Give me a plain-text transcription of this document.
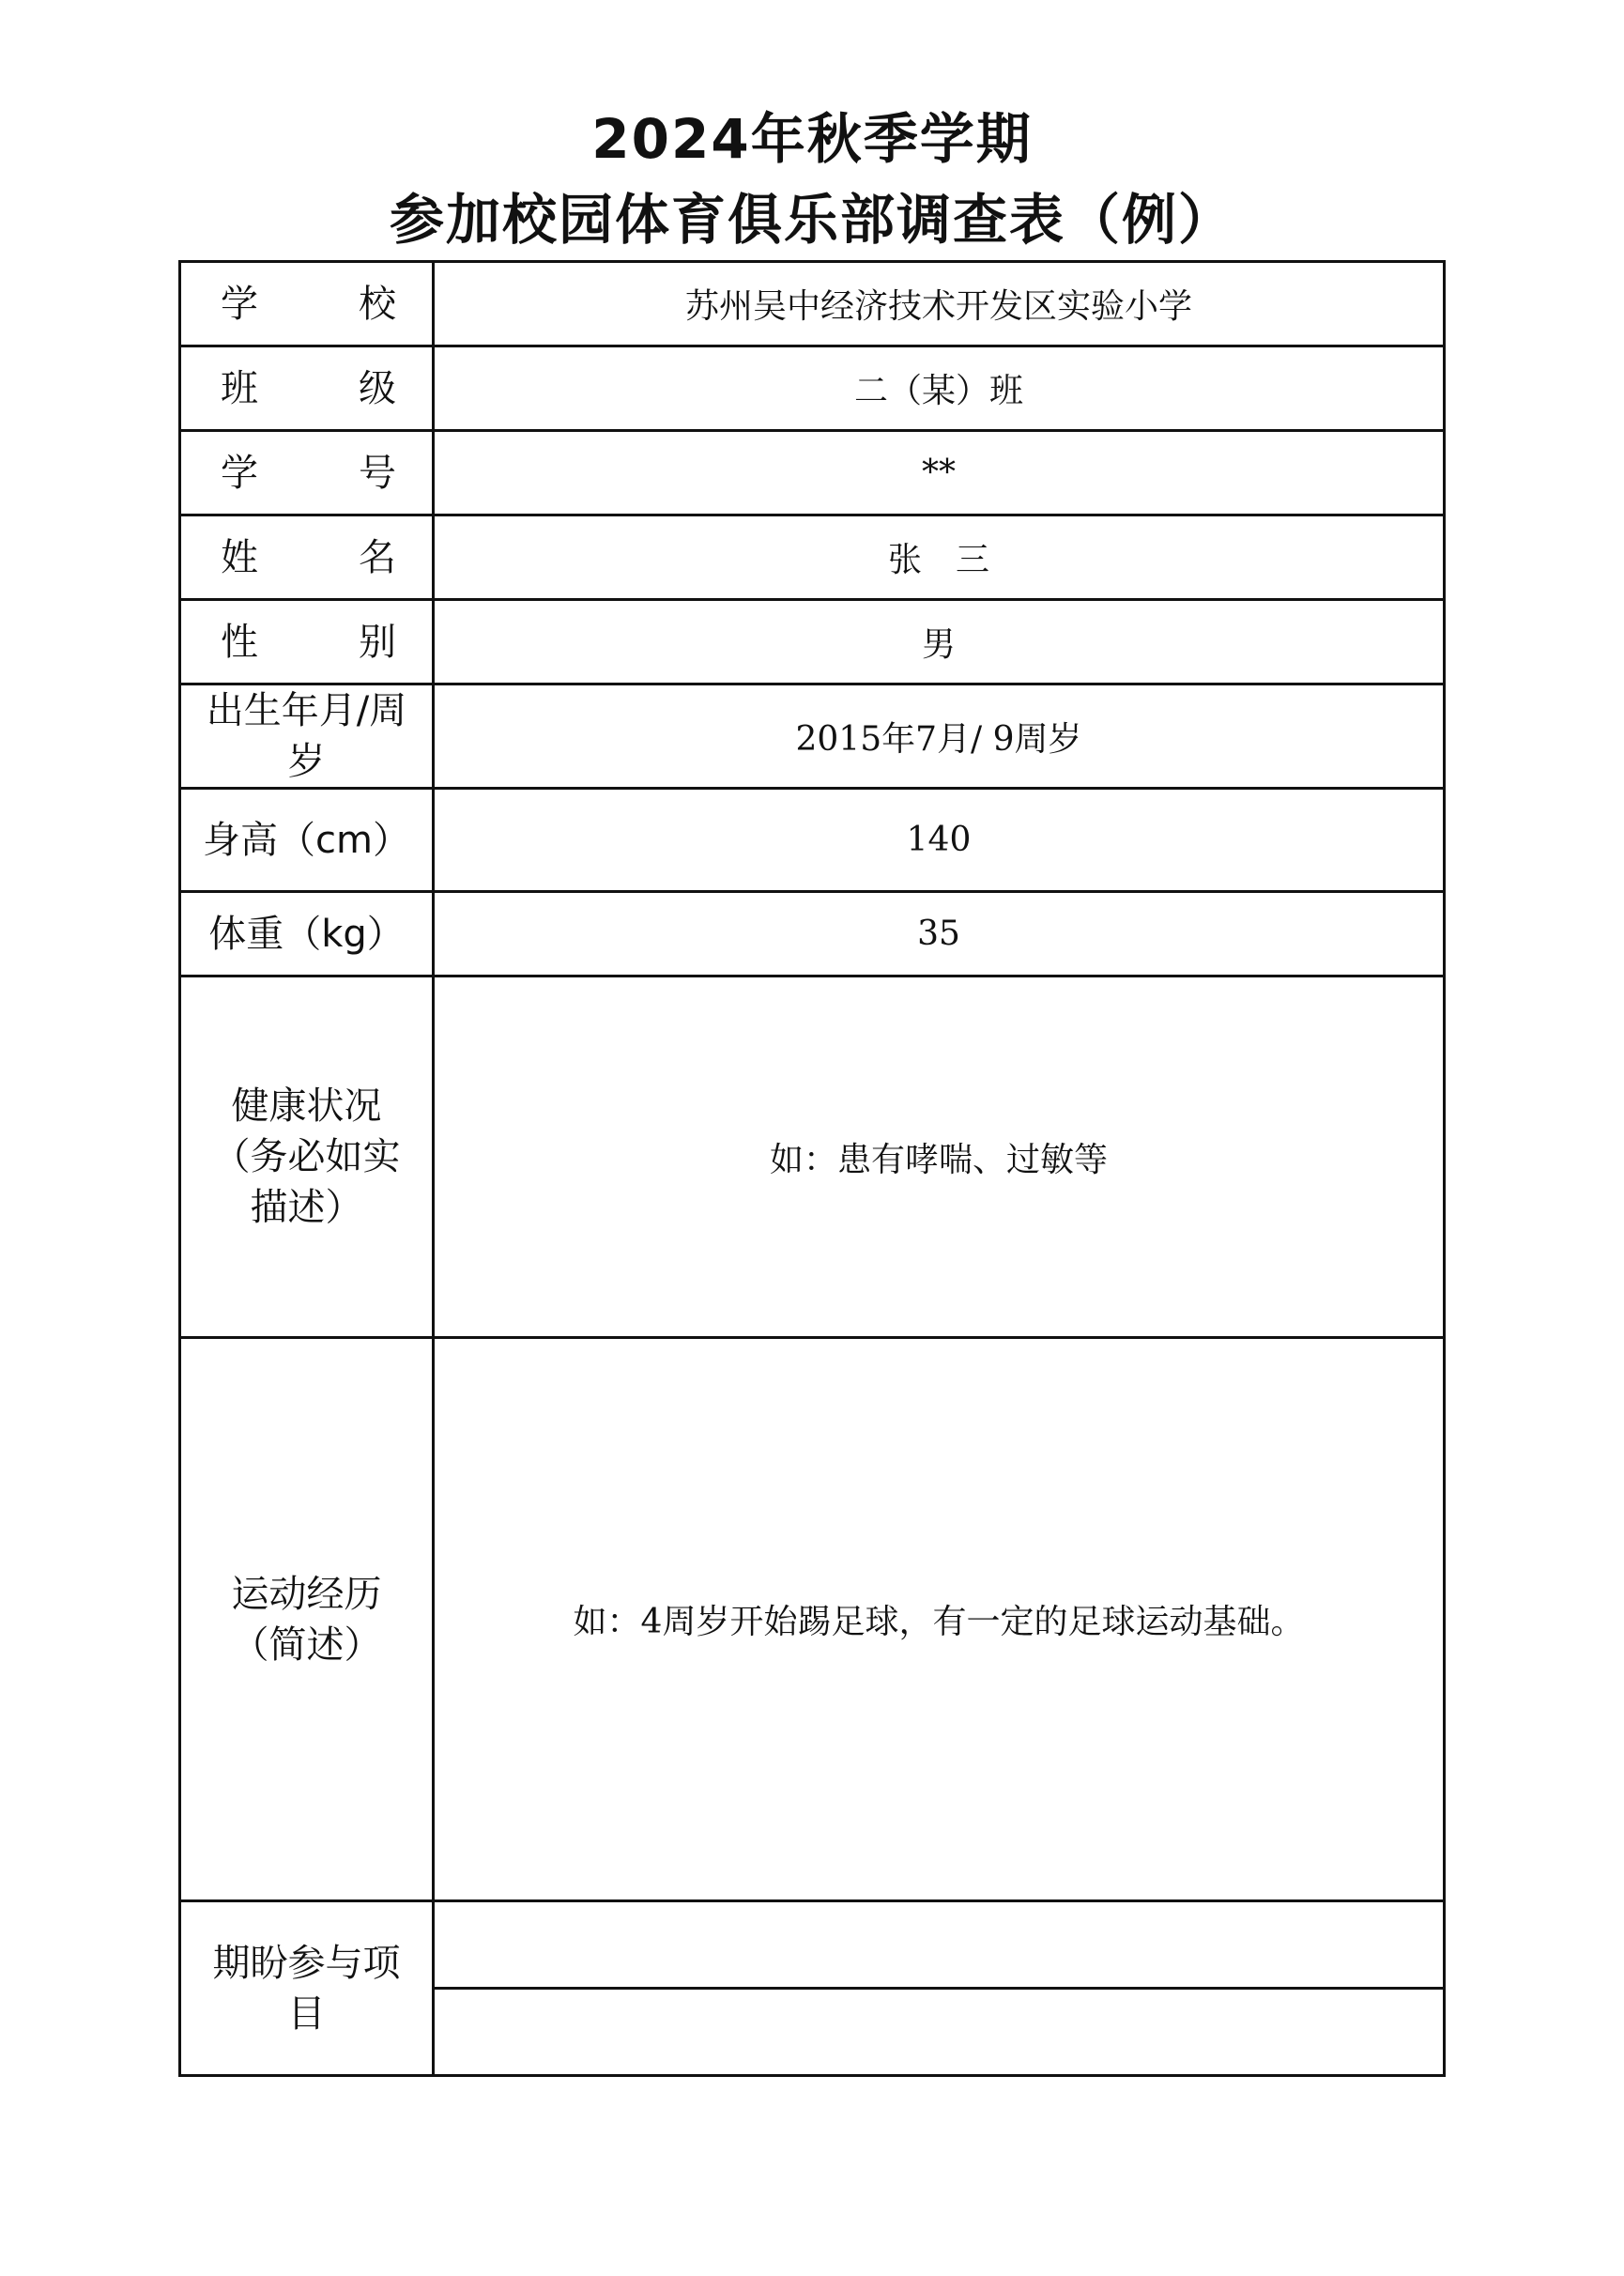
2024年秋季学期
参加校园体育俱乐部调查表（例）
学 校	苏州吴中经济技术开发区实验小学

班 级	二（某）班

学 号	**

姓 名	张　三

性 别	男

出生年月/周
岁	2015年7月/ 9周岁
身高（cm）	140
体重（kg）	35

健康状况
（务必如实
描述）	如：患有哮喘、过敏等

运动经历
（简述）	如：4周岁开始踢足球，有一定的足球运动基础。

期盼参与项
目	
